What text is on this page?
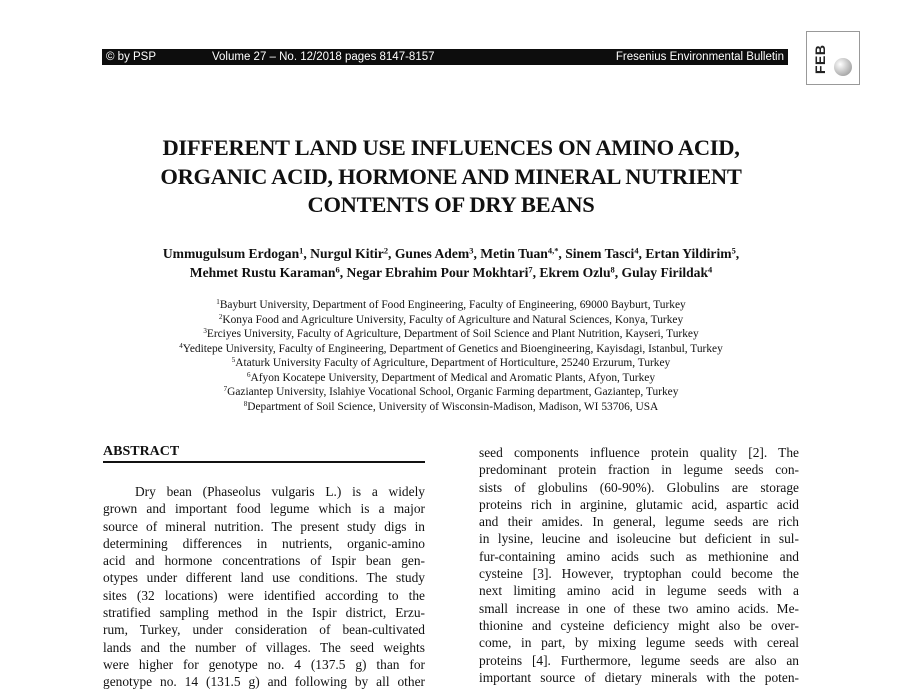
© by PSP	Volume 27 – No. 12/2018 pages 8147-8157	Fresenius Environmental Bulletin FEB
DIFFERENT LAND USE INFLUENCES ON AMINO ACID,
ORGANIC ACID, HORMONE AND MINERAL NUTRIENT
CONTENTS OF DRY BEANS
Ummugulsum Erdogan$^1$, Nurgul Kitir$^2$, Gunes Adem$^3$, Metin Tuan$^{4,*}$, Sinem Tasci$^4$, Ertan Yildirim$^5$,
Mehmet Rustu Karaman$^6$, Negar Ebrahim Pour Mokhtari$^7$, Ekrem Ozlu$^8$, Gulay Firildak$^4$
$^1$Bayburt University, Department of Food Engineering, Faculty of Engineering, 69000 Bayburt, Turkey
$^2$Konya Food and Agriculture University, Faculty of Agriculture and Natural Sciences, Konya, Turkey
$^3$Erciyes University, Faculty of Agriculture, Department of Soil Science and Plant Nutrition, Kayseri, Turkey
$^4$Yeditepe University, Faculty of Engineering, Department of Genetics and Bioengineering, Kayisdagi, Istanbul, Turkey
$^5$Ataturk University Faculty of Agriculture, Department of Horticulture, 25240 Erzurum, Turkey
$^6$Afyon Kocatepe University, Department of Medical and Aromatic Plants, Afyon, Turkey
$^7$Gaziantep University, Islahiye Vocational School, Organic Farming department, Gaziantep, Turkey
$^8$Department of Soil Science, University of Wisconsin-Madison, Madison, WI 53706, USA
ABSTRACT
Dry bean (Phaseolus vulgaris L.) is a widely
grown and important food legume which is a major
source of mineral nutrition. The present study digs in
determining differences in nutrients, organic-amino
acid and hormone concentrations of Ispir bean gen-
otypes under different land use conditions. The study
sites (32 locations) were identified according to the
stratified sampling method in the Ispir district, Erzu-
rum, Turkey, under consideration of bean-cultivated
lands and the number of villages. The seed weights
were higher for genotype no. 4 (137.5 g) than for
genotype no. 14 (131.5 g) and following by all other
seed components influence protein quality [2]. The
predominant protein fraction in legume seeds con-
sists of globulins (60-90%). Globulins are storage
proteins rich in arginine, glutamic acid, aspartic acid
and their amides. In general, legume seeds are rich
in lysine, leucine and isoleucine but deficient in sul-
fur-containing amino acids such as methionine and
cysteine [3]. However, tryptophan could become the
next limiting amino acid in legume seeds with a
small increase in one of these two amino acids. Me-
thionine and cysteine deficiency might also be over-
come, in part, by mixing legume seeds with cereal
proteins [4]. Furthermore, legume seeds are also an
important source of dietary minerals with the poten-
